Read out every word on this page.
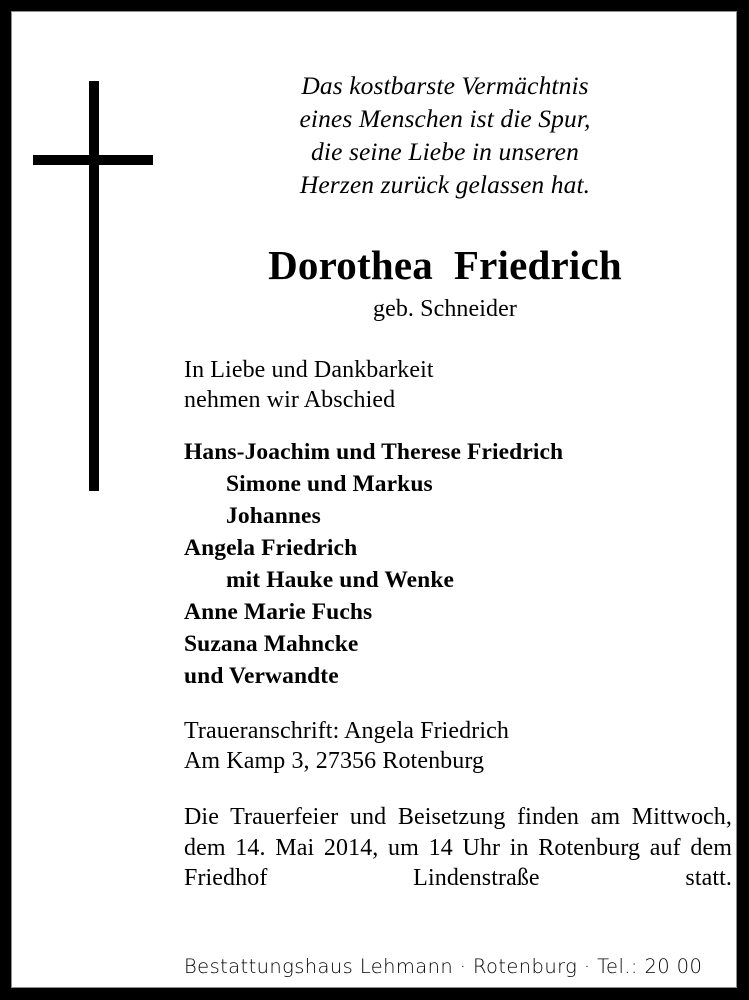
Das kostbarste Vermächtnis
eines Menschen ist die Spur,
die seine Liebe in unseren
Herzen zurück gelassen hat.
Dorothea  Friedrich
geb. Schneider
In Liebe und Dankbarkeit
nehmen wir Abschied
Hans-Joachim und Therese Friedrich
Simone und Markus
Johannes
Angela Friedrich
mit Hauke und Wenke
Anne Marie Fuchs
Suzana Mahncke
und Verwandte
Traueranschrift: Angela Friedrich
Am Kamp 3, 27356 Rotenburg

Die Trauerfeier und Beisetzung finden am Mittwoch, dem 14. Mai 2014, um 14 Uhr in Rotenburg auf dem Friedhof Lindenstraße statt.

Bestattungshaus Lehmann · Rotenburg · Tel.: 20 00
